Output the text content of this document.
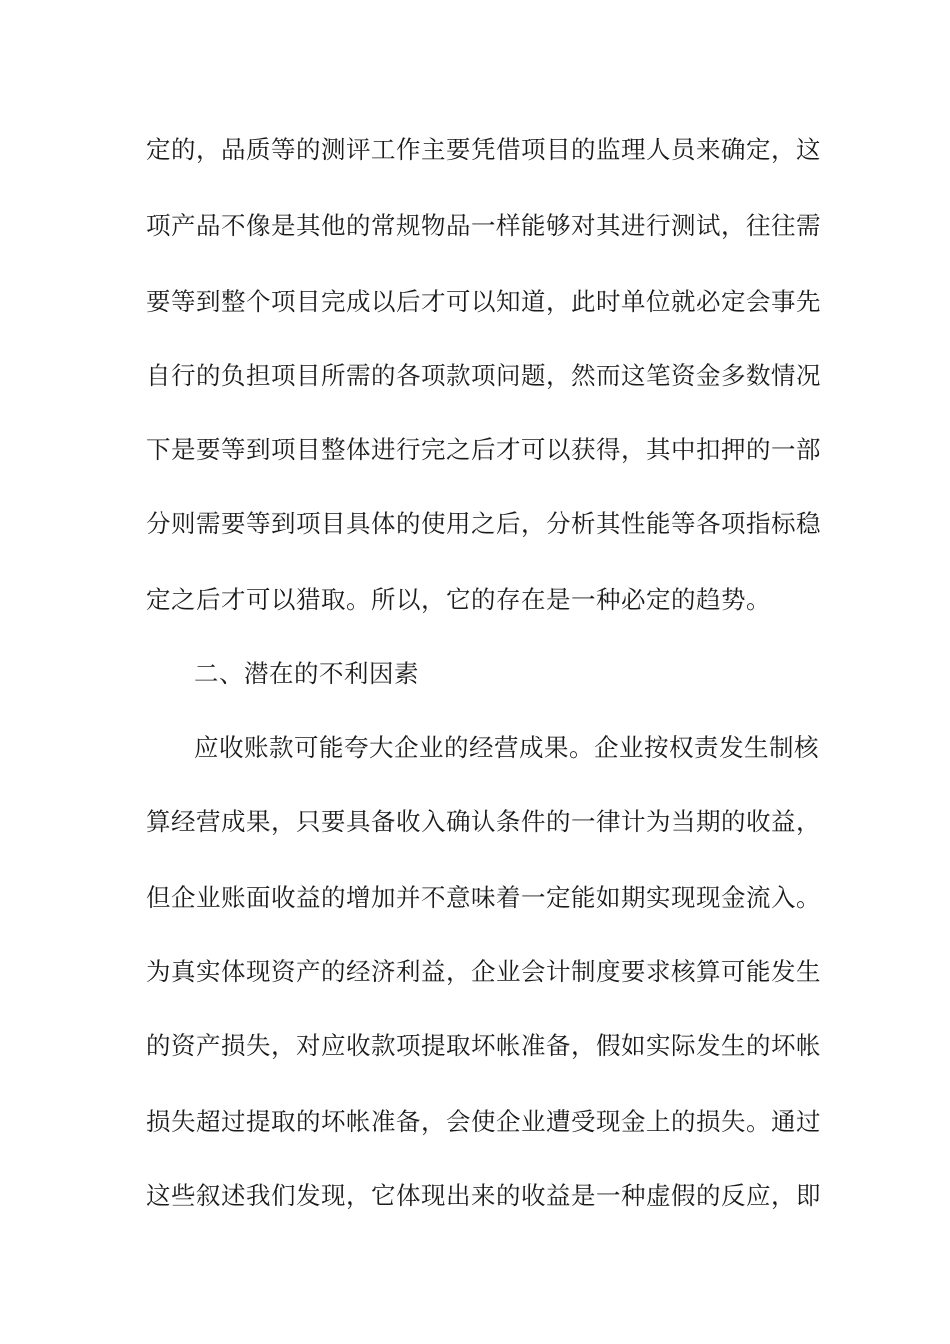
定的，品质等的测评工作主要凭借项目的监理人员来确定，这
项产品不像是其他的常规物品一样能够对其进行测试，往往需
要等到整个项目完成以后才可以知道，此时单位就必定会事先
自行的负担项目所需的各项款项问题，然而这笔资金多数情况
下是要等到项目整体进行完之后才可以获得，其中扣押的一部
分则需要等到项目具体的使用之后，分析其性能等各项指标稳
定之后才可以猎取。所以，它的存在是一种必定的趋势。
二、潜在的不利因素
应收账款可能夸大企业的经营成果。企业按权责发生制核
算经营成果，只要具备收入确认条件的一律计为当期的收益，
但企业账面收益的增加并不意味着一定能如期实现现金流入。
为真实体现资产的经济利益，企业会计制度要求核算可能发生
的资产损失，对应收款项提取坏帐准备，假如实际发生的坏帐
损失超过提取的坏帐准备，会使企业遭受现金上的损失。通过
这些叙述我们发现，它体现出来的收益是一种虚假的反应，即
